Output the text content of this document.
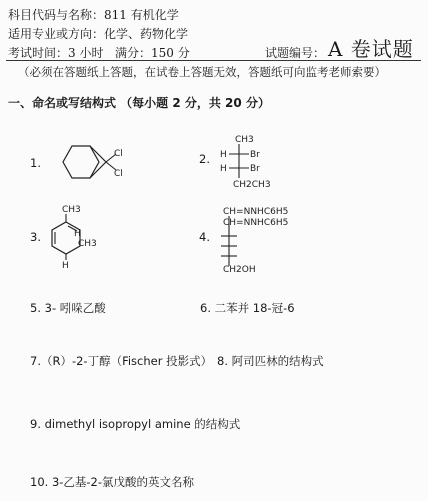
科目代码与名称：811 有机化学
适用专业或方向：化学、药物化学
考试时间：3 小时 满分：150 分	试题编号： A 卷试题
（必须在答题纸上答题，在试卷上答题无效，答题纸可向监考老师索要）
一、命名或写结构式 （每小题 2 分，共 20 分）
1.
Cl
Cl
2.
CH3
H	Br
H	Br
CH2CH3
3.
CH3
H
CH3
H
4.
CH=NNHC6H5
CH=NNHC6H5
CH2OH
5. 3- 吲哚乙酸	6. 二苯并 18-冠-6
7.（R）-2-丁醇（Fischer 投影式） 8. 阿司匹林的结构式
9. dimethyl isopropyl amine 的结构式
10. 3-乙基-2-氯戊酸的英文名称
